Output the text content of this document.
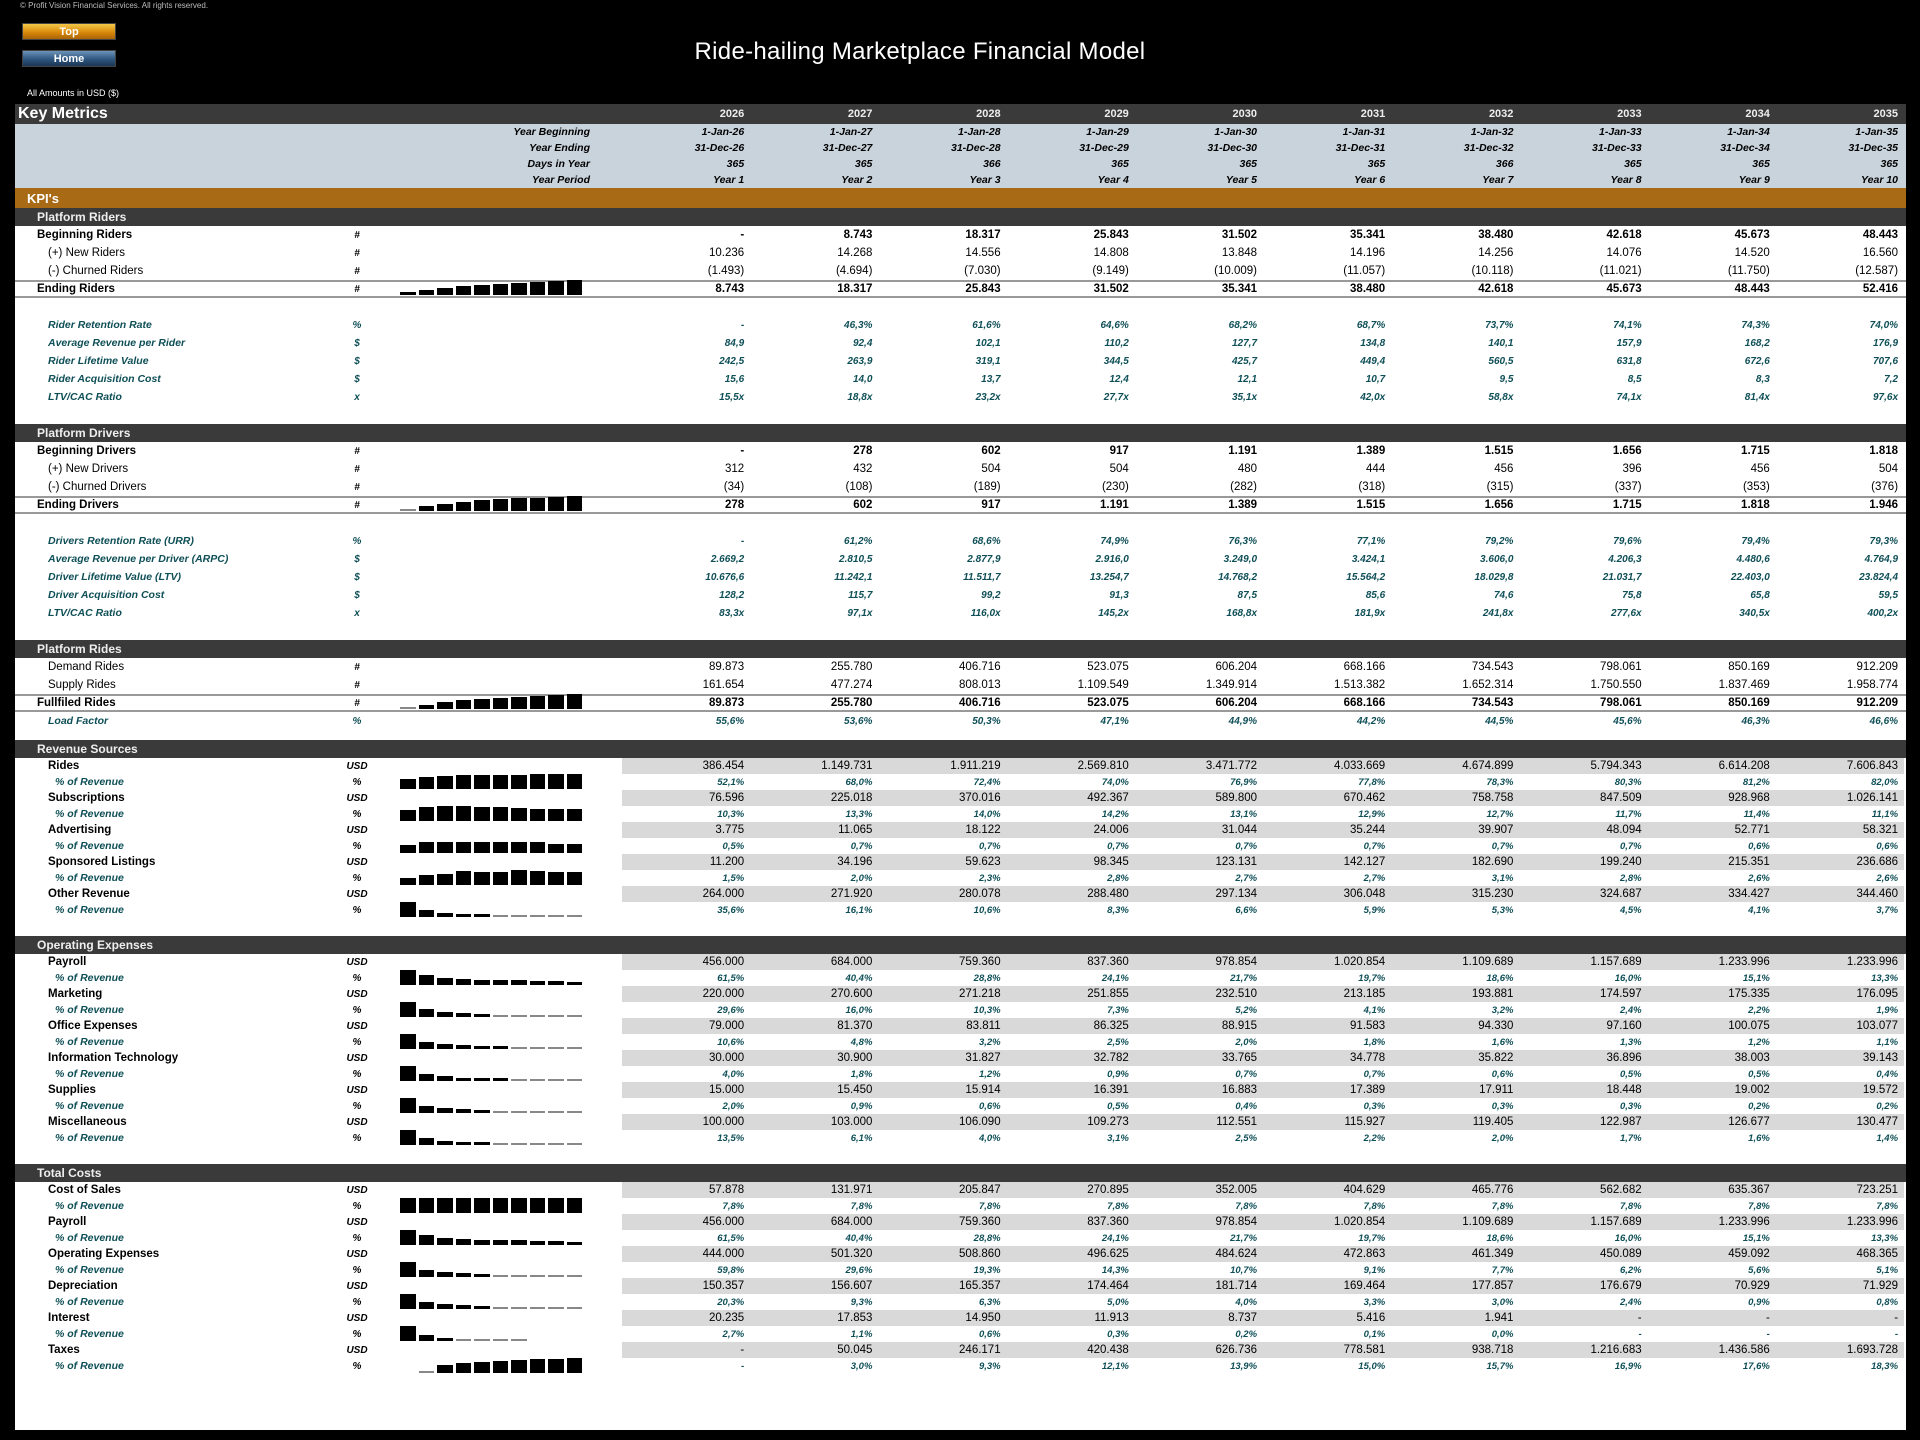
© Profit Vision Financial Services. All rights reserved.
Top
Home	Ride-hailing Marketplace Financial Model
All Amounts in USD ($)
Key Metrics	2026	2027	2028	2029	2030	2031	2032	2033	2034	2035
Year Beginning	1-Jan-26	1-Jan-27	1-Jan-28	1-Jan-29	1-Jan-30	1-Jan-31	1-Jan-32	1-Jan-33	1-Jan-34	1-Jan-35
Year Ending	31-Dec-26	31-Dec-27	31-Dec-28	31-Dec-29	31-Dec-30	31-Dec-31	31-Dec-32	31-Dec-33	31-Dec-34	31-Dec-35
Days in Year	365	365	366	365	365	365	366	365	365	365
Year Period	Year 1	Year 2	Year 3	Year 4	Year 5	Year 6	Year 7	Year 8	Year 9	Year 10
KPI's
Platform Riders
Beginning Riders	#	-	8.743	18.317	25.843	31.502	35.341	38.480	42.618	45.673	48.443
(+) New Riders	#	10.236	14.268	14.556	14.808	13.848	14.196	14.256	14.076	14.520	16.560
(-) Churned Riders	#	(1.493)	(4.694)	(7.030)	(9.149)	(10.009)	(11.057)	(10.118)	(11.021)	(11.750)	(12.587)
Ending Riders	#	8.743	18.317	25.843	31.502	35.341	38.480	42.618	45.673	48.443	52.416
Rider Retention Rate	%	-	46,3%	61,6%	64,6%	68,2%	68,7%	73,7%	74,1%	74,3%	74,0%
Average Revenue per Rider	$	84,9	92,4	102,1	110,2	127,7	134,8	140,1	157,9	168,2	176,9
Rider Lifetime Value	$	242,5	263,9	319,1	344,5	425,7	449,4	560,5	631,8	672,6	707,6
Rider Acquisition Cost	$	15,6	14,0	13,7	12,4	12,1	10,7	9,5	8,5	8,3	7,2
LTV/CAC Ratio	x	15,5x	18,8x	23,2x	27,7x	35,1x	42,0x	58,8x	74,1x	81,4x	97,6x
Platform Drivers
Beginning Drivers	#	-	278	602	917	1.191	1.389	1.515	1.656	1.715	1.818
(+) New Drivers	#	312	432	504	504	480	444	456	396	456	504
(-) Churned Drivers	#	(34)	(108)	(189)	(230)	(282)	(318)	(315)	(337)	(353)	(376)
Ending Drivers	#	278	602	917	1.191	1.389	1.515	1.656	1.715	1.818	1.946
Drivers Retention Rate (URR)	%	-	61,2%	68,6%	74,9%	76,3%	77,1%	79,2%	79,6%	79,4%	79,3%
Average Revenue per Driver (ARPC)	$	2.669,2	2.810,5	2.877,9	2.916,0	3.249,0	3.424,1	3.606,0	4.206,3	4.480,6	4.764,9
Driver Lifetime Value (LTV)	$	10.676,6	11.242,1	11.511,7	13.254,7	14.768,2	15.564,2	18.029,8	21.031,7	22.403,0	23.824,4
Driver Acquisition Cost	$	128,2	115,7	99,2	91,3	87,5	85,6	74,6	75,8	65,8	59,5
LTV/CAC Ratio	x	83,3x	97,1x	116,0x	145,2x	168,8x	181,9x	241,8x	277,6x	340,5x	400,2x
Platform Rides
Demand Rides	#	89.873	255.780	406.716	523.075	606.204	668.166	734.543	798.061	850.169	912.209
Supply Rides	#	161.654	477.274	808.013	1.109.549	1.349.914	1.513.382	1.652.314	1.750.550	1.837.469	1.958.774
Fullfiled Rides	#	89.873	255.780	406.716	523.075	606.204	668.166	734.543	798.061	850.169	912.209
Load Factor	%	55,6%	53,6%	50,3%	47,1%	44,9%	44,2%	44,5%	45,6%	46,3%	46,6%
Revenue Sources
Rides	USD	386.454	1.149.731	1.911.219	2.569.810	3.471.772	4.033.669	4.674.899	5.794.343	6.614.208	7.606.843
% of Revenue	%	52,1%	68,0%	72,4%	74,0%	76,9%	77,8%	78,3%	80,3%	81,2%	82,0%
Subscriptions	USD	76.596	225.018	370.016	492.367	589.800	670.462	758.758	847.509	928.968	1.026.141
% of Revenue	%	10,3%	13,3%	14,0%	14,2%	13,1%	12,9%	12,7%	11,7%	11,4%	11,1%
Advertising	USD	3.775	11.065	18.122	24.006	31.044	35.244	39.907	48.094	52.771	58.321
% of Revenue	%	0,5%	0,7%	0,7%	0,7%	0,7%	0,7%	0,7%	0,7%	0,6%	0,6%
Sponsored Listings	USD	11.200	34.196	59.623	98.345	123.131	142.127	182.690	199.240	215.351	236.686
% of Revenue	%	1,5%	2,0%	2,3%	2,8%	2,7%	2,7%	3,1%	2,8%	2,6%	2,6%
Other Revenue	USD	264.000	271.920	280.078	288.480	297.134	306.048	315.230	324.687	334.427	344.460
% of Revenue	%	35,6%	16,1%	10,6%	8,3%	6,6%	5,9%	5,3%	4,5%	4,1%	3,7%
Operating Expenses
Payroll	USD	456.000	684.000	759.360	837.360	978.854	1.020.854	1.109.689	1.157.689	1.233.996	1.233.996
% of Revenue	%	61,5%	40,4%	28,8%	24,1%	21,7%	19,7%	18,6%	16,0%	15,1%	13,3%
Marketing	USD	220.000	270.600	271.218	251.855	232.510	213.185	193.881	174.597	175.335	176.095
% of Revenue	%	29,6%	16,0%	10,3%	7,3%	5,2%	4,1%	3,2%	2,4%	2,2%	1,9%
Office Expenses	USD	79.000	81.370	83.811	86.325	88.915	91.583	94.330	97.160	100.075	103.077
% of Revenue	%	10,6%	4,8%	3,2%	2,5%	2,0%	1,8%	1,6%	1,3%	1,2%	1,1%
Information Technology	USD	30.000	30.900	31.827	32.782	33.765	34.778	35.822	36.896	38.003	39.143
% of Revenue	%	4,0%	1,8%	1,2%	0,9%	0,7%	0,7%	0,6%	0,5%	0,5%	0,4%
Supplies	USD	15.000	15.450	15.914	16.391	16.883	17.389	17.911	18.448	19.002	19.572
% of Revenue	%	2,0%	0,9%	0,6%	0,5%	0,4%	0,3%	0,3%	0,3%	0,2%	0,2%
Miscellaneous	USD	100.000	103.000	106.090	109.273	112.551	115.927	119.405	122.987	126.677	130.477
% of Revenue	%	13,5%	6,1%	4,0%	3,1%	2,5%	2,2%	2,0%	1,7%	1,6%	1,4%
Total Costs
Cost of Sales	USD	57.878	131.971	205.847	270.895	352.005	404.629	465.776	562.682	635.367	723.251
% of Revenue	%	7,8%	7,8%	7,8%	7,8%	7,8%	7,8%	7,8%	7,8%	7,8%	7,8%
Payroll	USD	456.000	684.000	759.360	837.360	978.854	1.020.854	1.109.689	1.157.689	1.233.996	1.233.996
% of Revenue	%	61,5%	40,4%	28,8%	24,1%	21,7%	19,7%	18,6%	16,0%	15,1%	13,3%
Operating Expenses	USD	444.000	501.320	508.860	496.625	484.624	472.863	461.349	450.089	459.092	468.365
% of Revenue	%	59,8%	29,6%	19,3%	14,3%	10,7%	9,1%	7,7%	6,2%	5,6%	5,1%
Depreciation	USD	150.357	156.607	165.357	174.464	181.714	169.464	177.857	176.679	70.929	71.929
% of Revenue	%	20,3%	9,3%	6,3%	5,0%	4,0%	3,3%	3,0%	2,4%	0,9%	0,8%
Interest	USD	20.235	17.853	14.950	11.913	8.737	5.416	1.941	-	-	-
% of Revenue	%	2,7%	1,1%	0,6%	0,3%	0,2%	0,1%	0,0%	-	-	-
Taxes	USD	-	50.045	246.171	420.438	626.736	778.581	938.718	1.216.683	1.436.586	1.693.728
% of Revenue	%	-	3,0%	9,3%	12,1%	13,9%	15,0%	15,7%	16,9%	17,6%	18,3%
